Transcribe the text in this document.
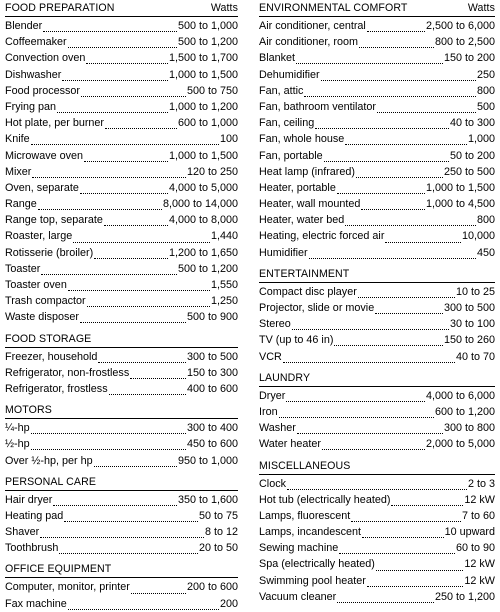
FOOD PREPARATION	Watts
Blender	500 to 1,000
Coffeemaker	500 to 1,200
Convection oven	1,500 to 1,700
Dishwasher	1,000 to 1,500
Food processor	500 to 750
Frying pan	1,000 to 1,200
Hot plate, per burner	600 to 1,000
Knife	100
Microwave oven	1,000 to 1,500
Mixer	120 to 250
Oven, separate	4,000 to 5,000
Range	8,000 to 14,000
Range top, separate	4,000 to 8,000
Roaster, large	1,440
Rotisserie (broiler)	1,200 to 1,650
Toaster	500 to 1,200
Toaster oven	1,550
Trash compactor	1,250
Waste disposer	500 to 900
FOOD STORAGE
Freezer, household	300 to 500
Refrigerator, non-frostless	150 to 300
Refrigerator, frostless	400 to 600
MOTORS
¼-hp	300 to 400
½-hp	450 to 600
Over ½-hp, per hp	950 to 1,000
PERSONAL CARE
Hair dryer	350 to 1,600
Heating pad	50 to 75
Shaver	8 to 12
Toothbrush	20 to 50
OFFICE EQUIPMENT
Computer, monitor, printer	200 to 600
Fax machine	200
ENVIRONMENTAL COMFORT	Watts
Air conditioner, central	2,500 to 6,000
Air conditioner, room	800 to 2,500
Blanket	150 to 200
Dehumidifier	250
Fan, attic	800
Fan, bathroom ventilator	500
Fan, ceiling	40 to 300
Fan, whole house	1,000
Fan, portable	50 to 200
Heat lamp (infrared)	250 to 500
Heater, portable	1,000 to 1,500
Heater, wall mounted	1,000 to 4,500
Heater, water bed	800
Heating, electric forced air	10,000
Humidifier	450
ENTERTAINMENT
Compact disc player	10 to 25
Projector, slide or movie	300 to 500
Stereo	30 to 100
TV (up to 46 in)	150 to 260
VCR	40 to 70
LAUNDRY
Dryer	4,000 to 6,000
Iron	600 to 1,200
Washer	300 to 800
Water heater	2,000 to 5,000
MISCELLANEOUS
Clock	2 to 3
Hot tub (electrically heated)	12 kW
Lamps, fluorescent	7 to 60
Lamps, incandescent	10 upward
Sewing machine	60 to 90
Spa (electrically heated)	12 kW
Swimming pool heater	12 kW
Vacuum cleaner	250 to 1,200
